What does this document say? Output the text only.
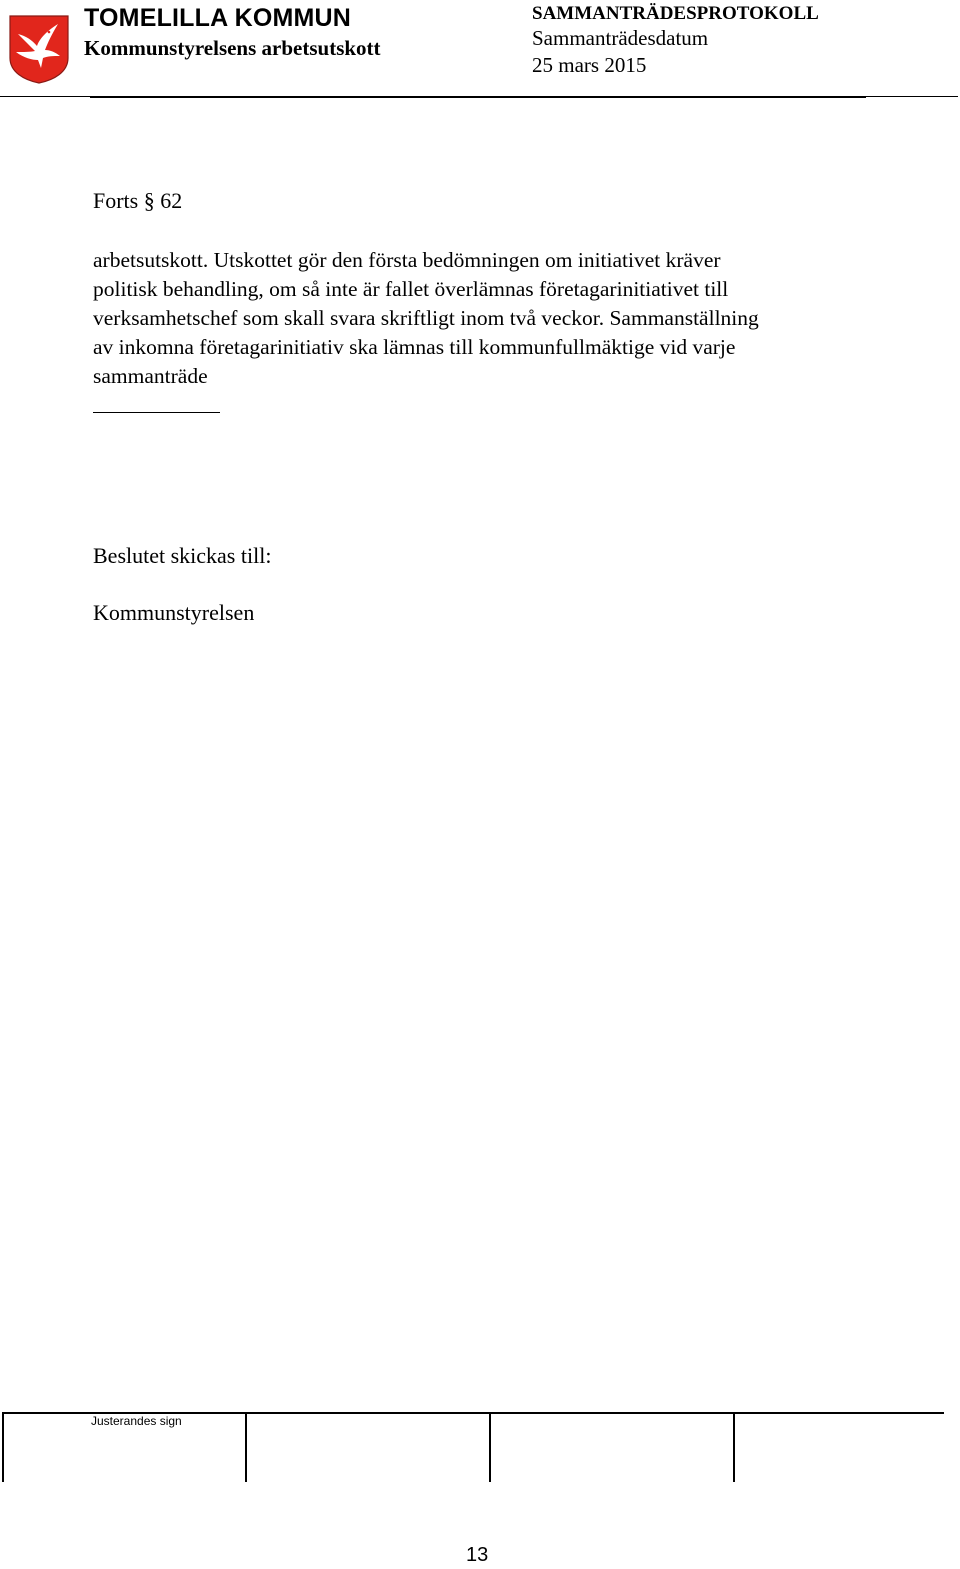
TOMELILLA KOMMUN
Kommunstyrelsens arbetsutskott
SAMMANTRÄDESPROTOKOLL
Sammanträdesdatum
25 mars 2015
Forts § 62
arbetsutskott. Utskottet gör den första bedömningen om initiativet kräver
politisk behandling, om så inte är fallet överlämnas företagarinitiativet till
verksamhetschef som skall svara skriftligt inom två veckor. Sammanställning
av inkomna företagarinitiativ ska lämnas till kommunfullmäktige vid varje
sammanträde
Beslutet skickas till:
Kommunstyrelsen
Justerandes sign
13
